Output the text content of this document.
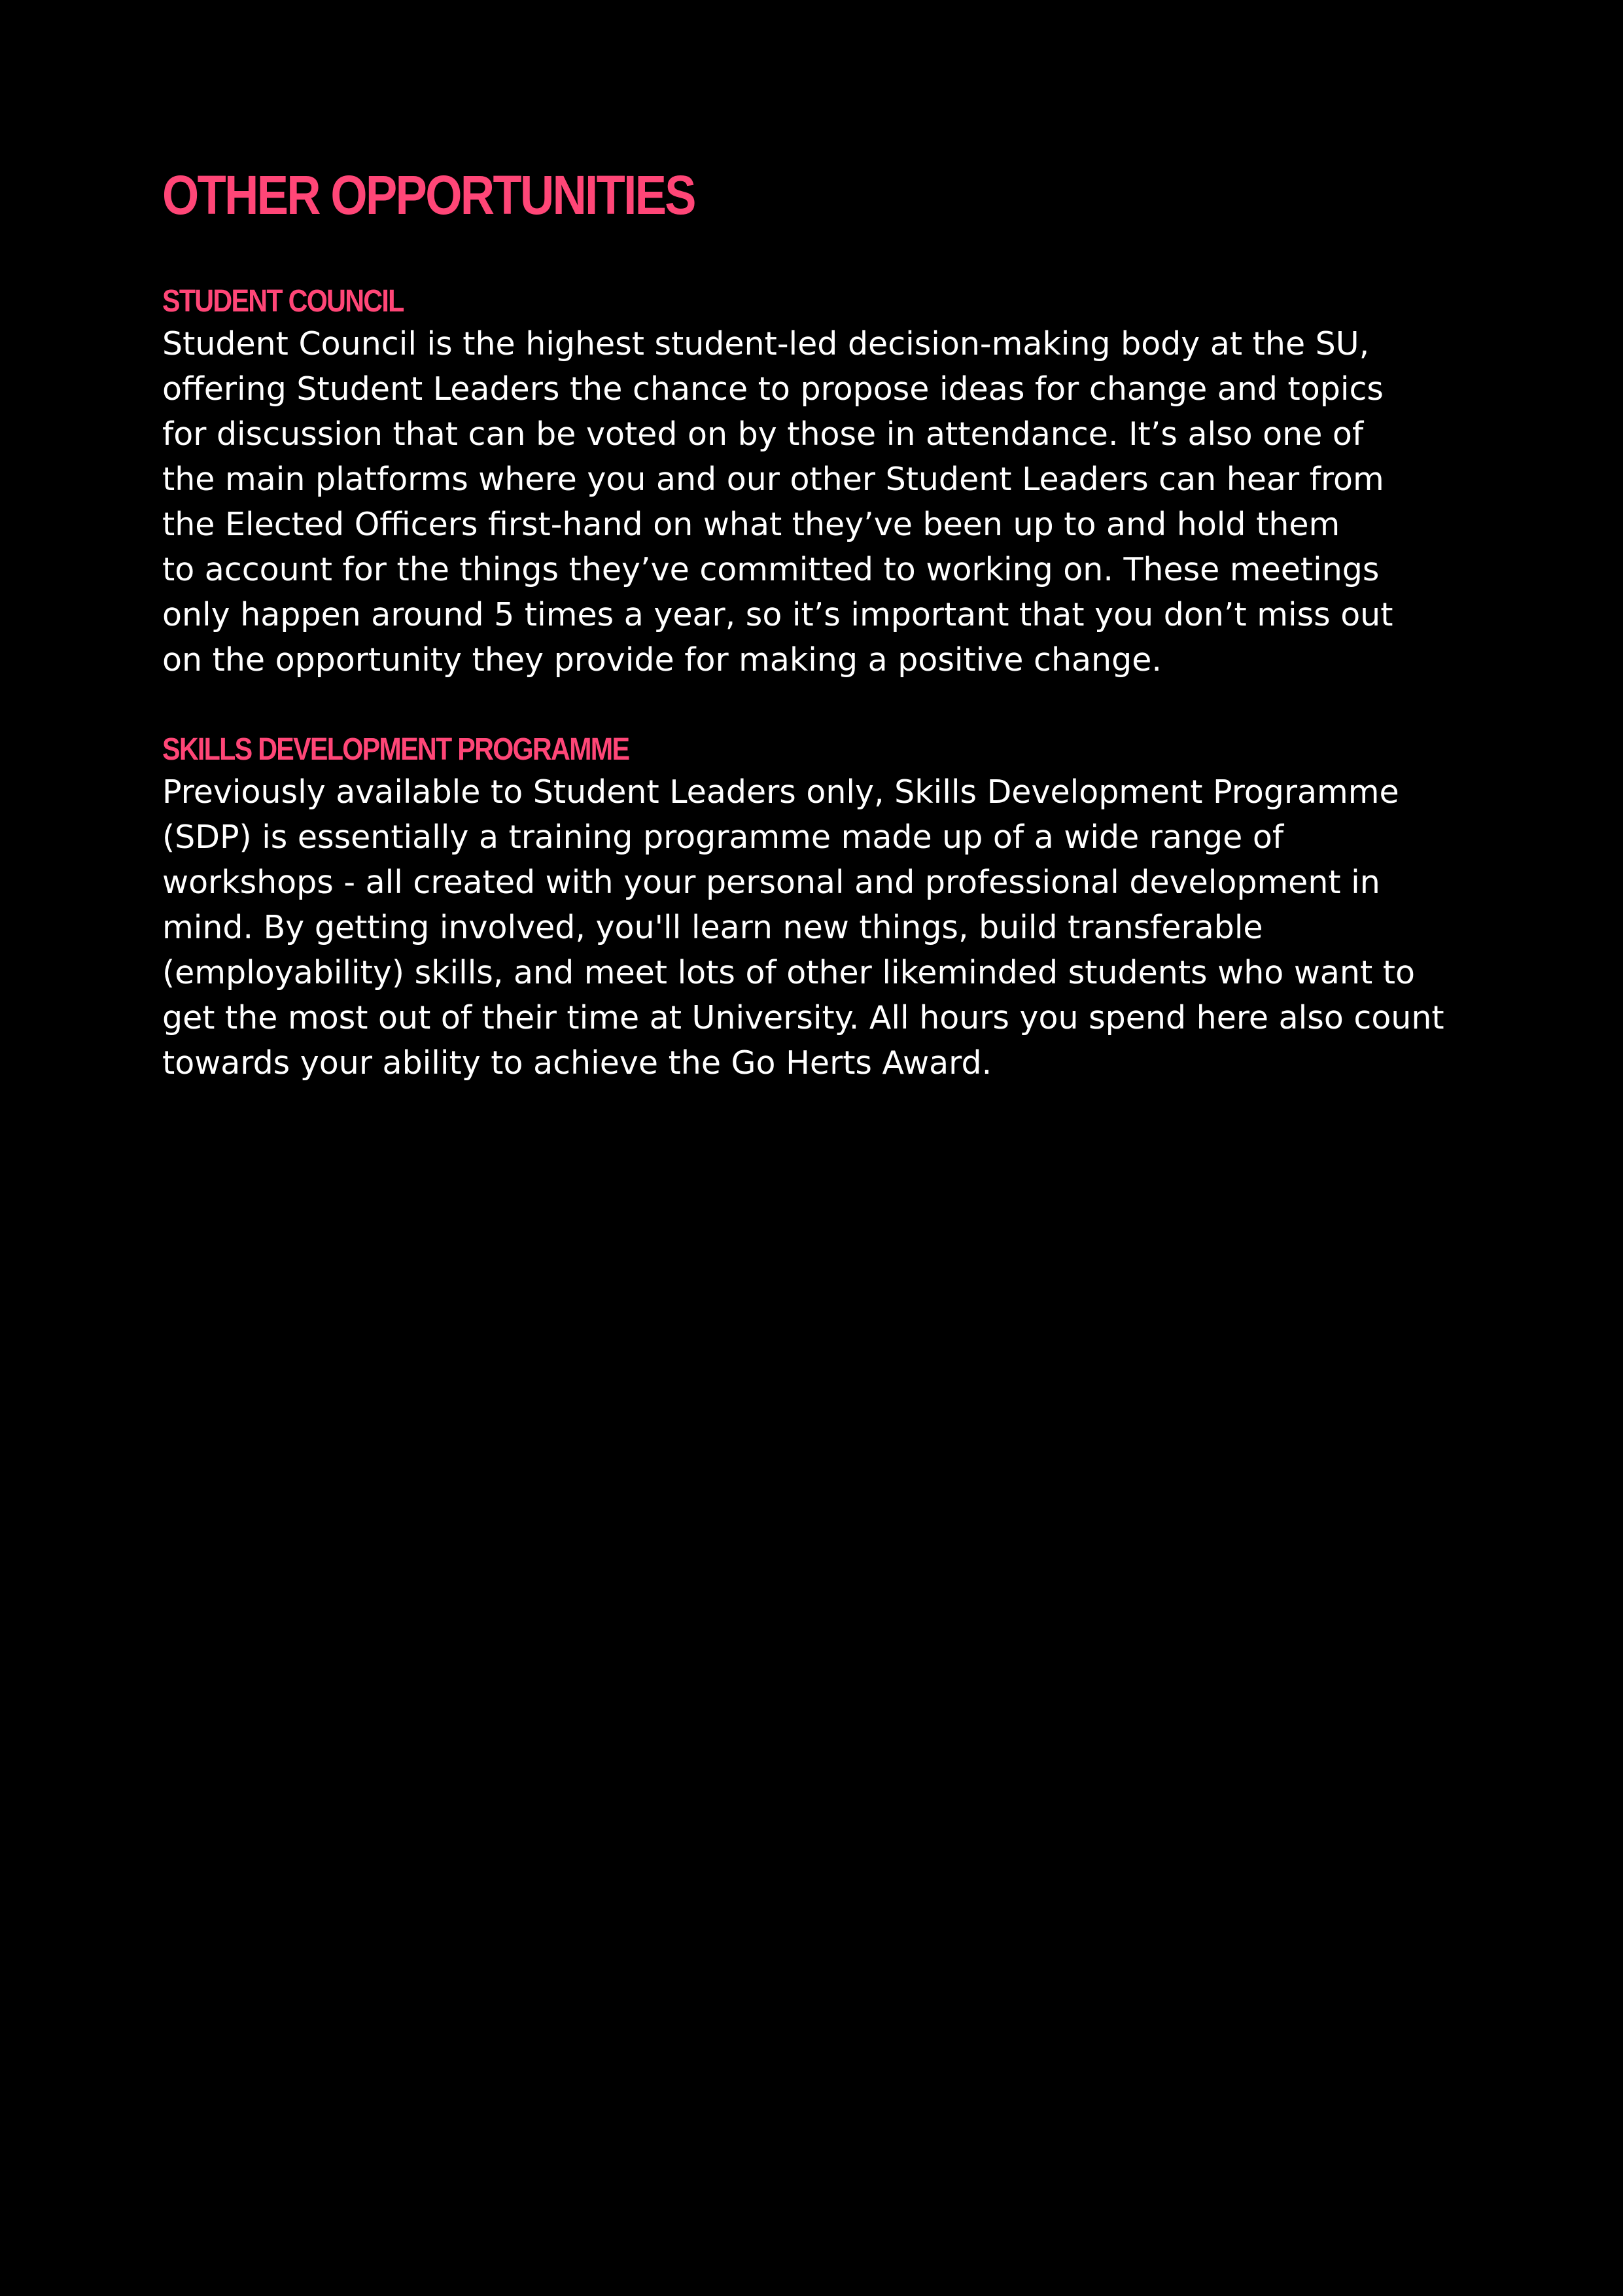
OTHER OPPORTUNITIES
STUDENT COUNCIL

Student Council is the highest student-led decision-making body at the SU,
offering Student Leaders the chance to propose ideas for change and topics
for discussion that can be voted on by those in attendance. It’s also one of
the main platforms where you and our other Student Leaders can hear from
the Elected Officers first-hand on what they’ve been up to and hold them
to account for the things they’ve committed to working on. These meetings
only happen around 5 times a year, so it’s important that you don’t miss out
on the opportunity they provide for making a positive change.

SKILLS DEVELOPMENT PROGRAMME

Previously available to Student Leaders only, Skills Development Programme
(SDP) is essentially a training programme made up of a wide range of
workshops - all created with your personal and professional development in
mind. By getting involved, you'll learn new things, build transferable
(employability) skills, and meet lots of other likeminded students who want to
get the most out of their time at University. All hours you spend here also count
towards your ability to achieve the Go Herts Award.
